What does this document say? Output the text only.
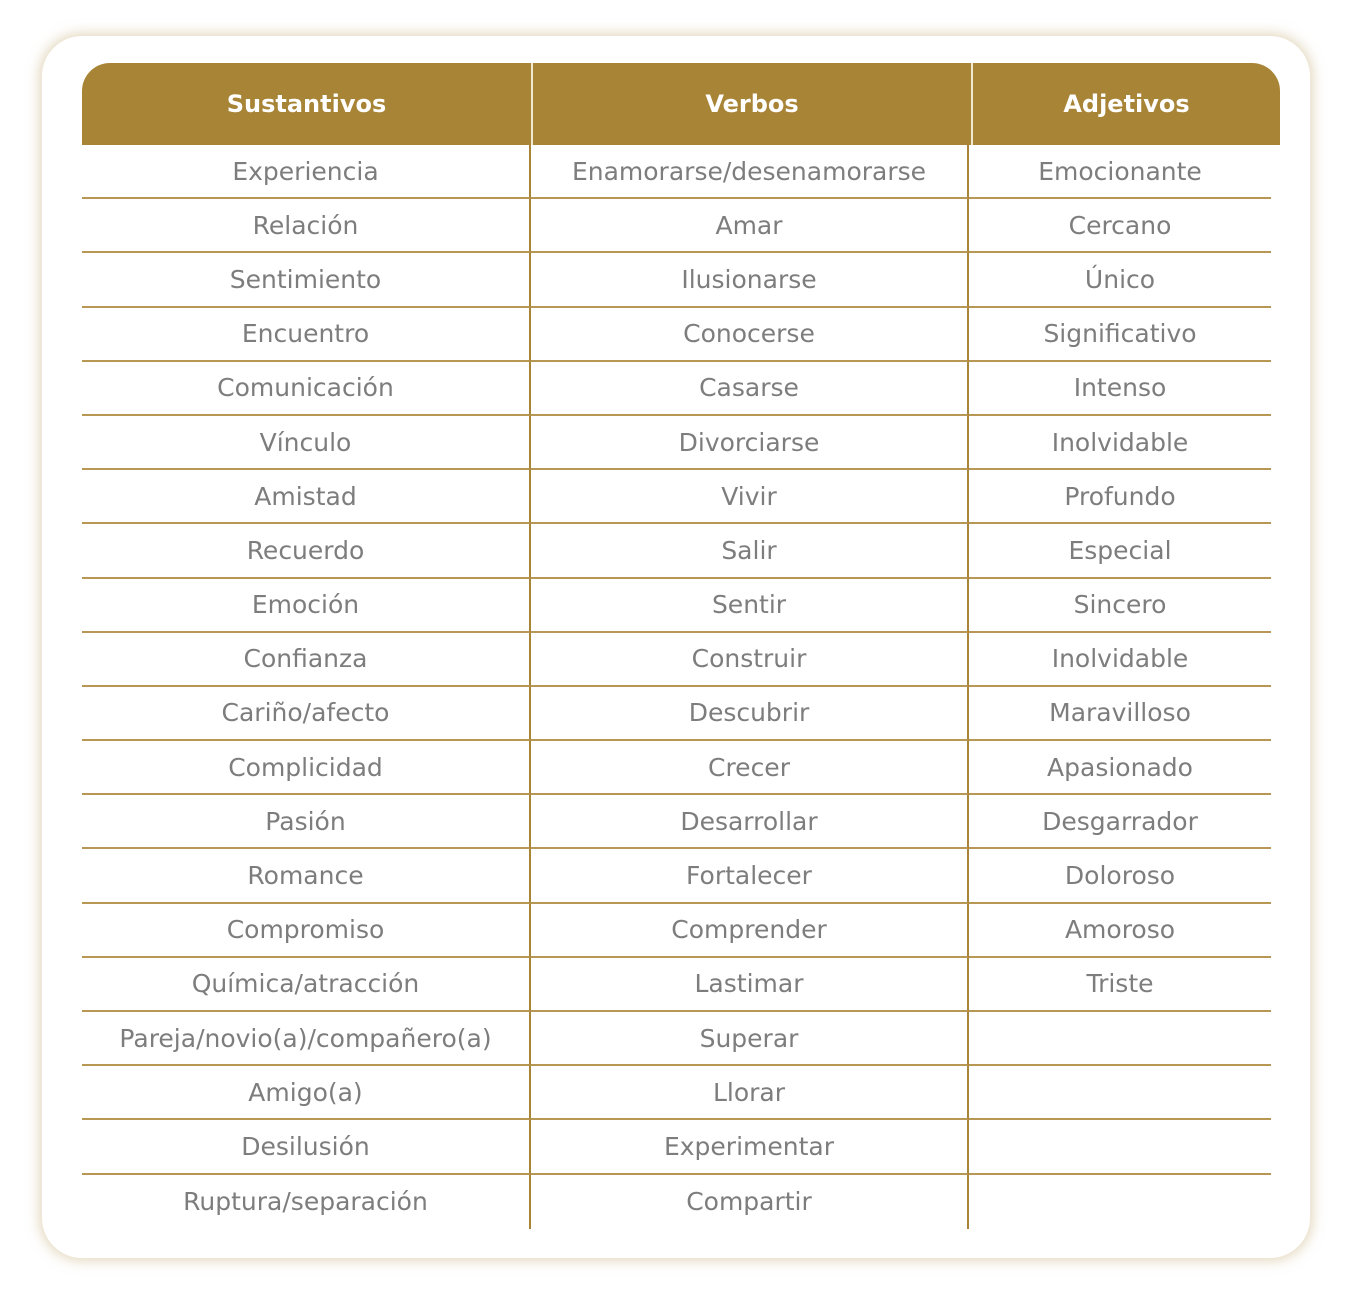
Sustantivos	Verbos	Adjetivos
Experiencia	Enamorarse/desenamorarse	Emocionante
Relación	Amar	Cercano
Sentimiento	Ilusionarse	Único
Encuentro	Conocerse	Significativo
Comunicación	Casarse	Intenso
Vínculo	Divorciarse	Inolvidable
Amistad	Vivir	Profundo
Recuerdo	Salir	Especial
Emoción	Sentir	Sincero
Confianza	Construir	Inolvidable
Cariño/afecto	Descubrir	Maravilloso
Complicidad	Crecer	Apasionado
Pasión	Desarrollar	Desgarrador
Romance	Fortalecer	Doloroso
Compromiso	Comprender	Amoroso
Química/atracción	Lastimar	Triste
Pareja/novio(a)/compañero(a)	Superar
Amigo(a)	Llorar
Desilusión	Experimentar
Ruptura/separación	Compartir
